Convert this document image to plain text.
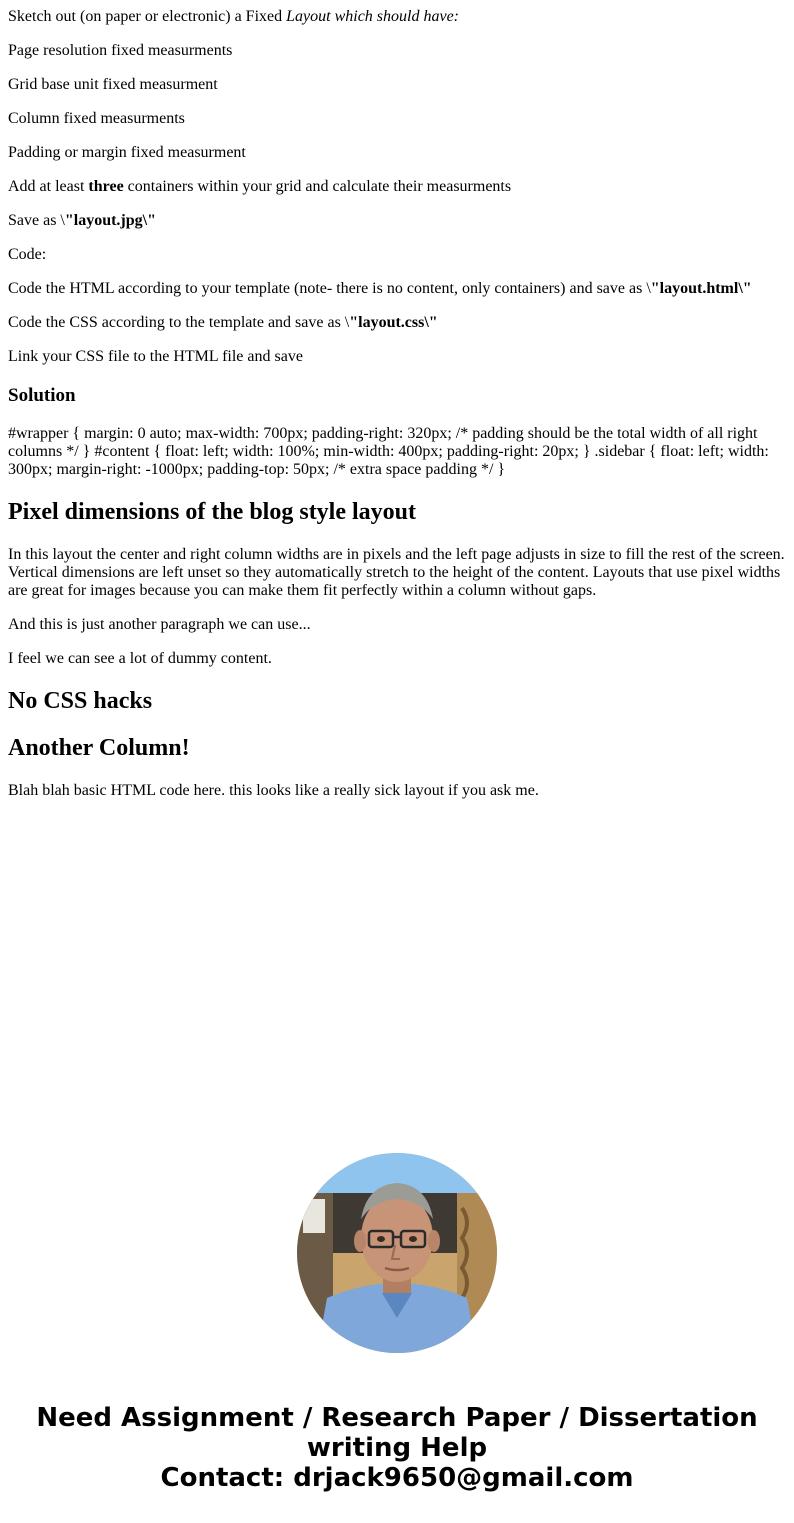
Sketch out (on paper or electronic) a Fixed Layout which should have:

Page resolution fixed measurments

Grid base unit fixed measurment

Column fixed measurments

Padding or margin fixed measurment

Add at least three containers within your grid and calculate their measurments

Save as \"layout.jpg\"

Code:

Code the HTML according to your template (note- there is no content, only containers) and save as \"layout.html\"

Code the CSS according to the template and save as \"layout.css\"

Link your CSS file to the HTML file and save

Solution

#wrapper { margin: 0 auto; max-width: 700px; padding-right: 320px; /* padding should be the total width of all right columns */ } #content { float: left; width: 100%; min-width: 400px; padding-right: 20px; } .sidebar { float: left; width: 300px; margin-right: -1000px; padding-top: 50px; /* extra space padding */ }

Pixel dimensions of the blog style layout

In this layout the center and right column widths are in pixels and the left page adjusts in size to fill the rest of the screen. Vertical dimensions are left unset so they automatically stretch to the height of the content. Layouts that use pixel widths are great for images because you can make them fit perfectly within a column without gaps.

And this is just another paragraph we can use...

I feel we can see a lot of dummy content.

No CSS hacks
Another Column!

Blah blah basic HTML code here. this looks like a really sick layout if you ask me.

Need Assignment / Research Paper / Dissertation
writing Help
Contact: drjack9650@gmail.com
